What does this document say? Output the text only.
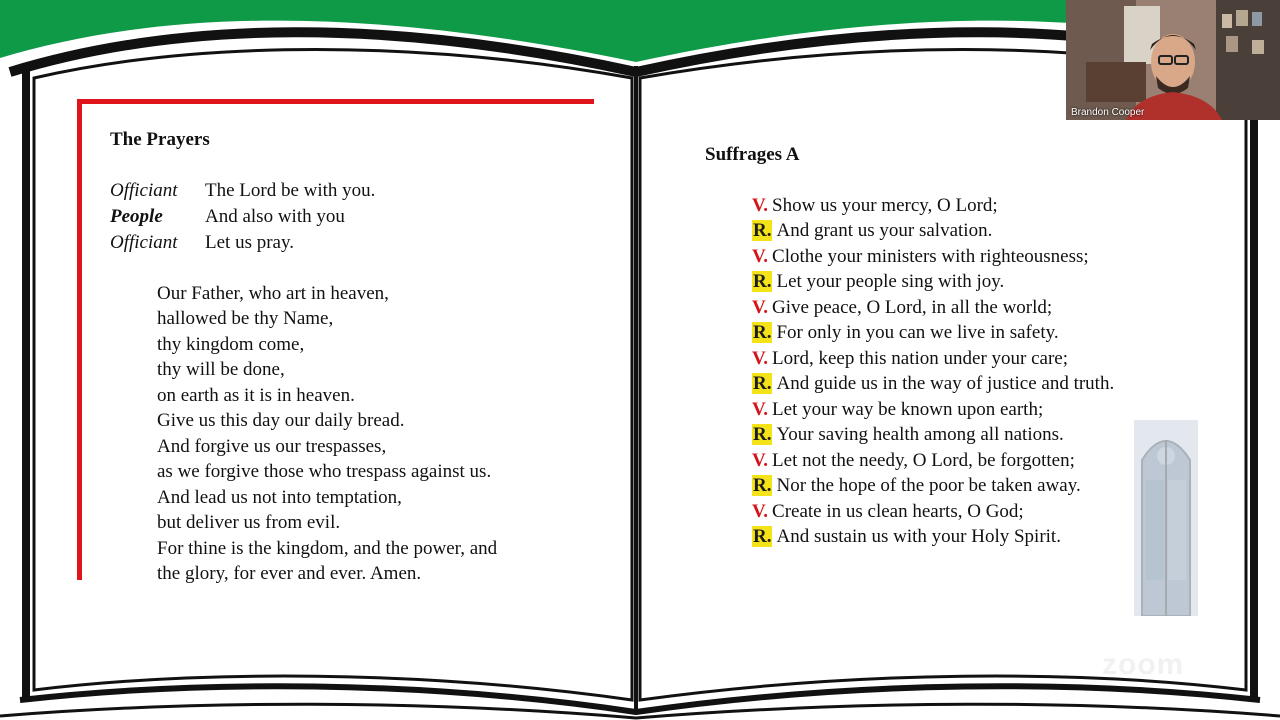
The Prayers
Officiant The Lord be with you.
People And also with you
Officiant Let us pray.
Our Father, who art in heaven,
hallowed be thy Name,
thy kingdom come,
thy will be done,
on earth as it is in heaven.
Give us this day our daily bread.
And forgive us our trespasses,
as we forgive those who trespass against us.
And lead us not into temptation,
but deliver us from evil.
For thine is the kingdom, and the power, and
the glory, for ever and ever. Amen.
Suffrages A
V. Show us your mercy, O Lord;
R. And grant us your salvation.
V. Clothe your ministers with righteousness;
R. Let your people sing with joy.
V. Give peace, O Lord, in all the world;
R. For only in you can we live in safety.
V. Lord, keep this nation under your care;
R. And guide us in the way of justice and truth.
V. Let your way be known upon earth;
R. Your saving health among all nations.
V. Let not the needy, O Lord, be forgotten;
R. Nor the hope of the poor be taken away.
V. Create in us clean hearts, O God;
R. And sustain us with your Holy Spirit.
zoom
Brandon Cooper
